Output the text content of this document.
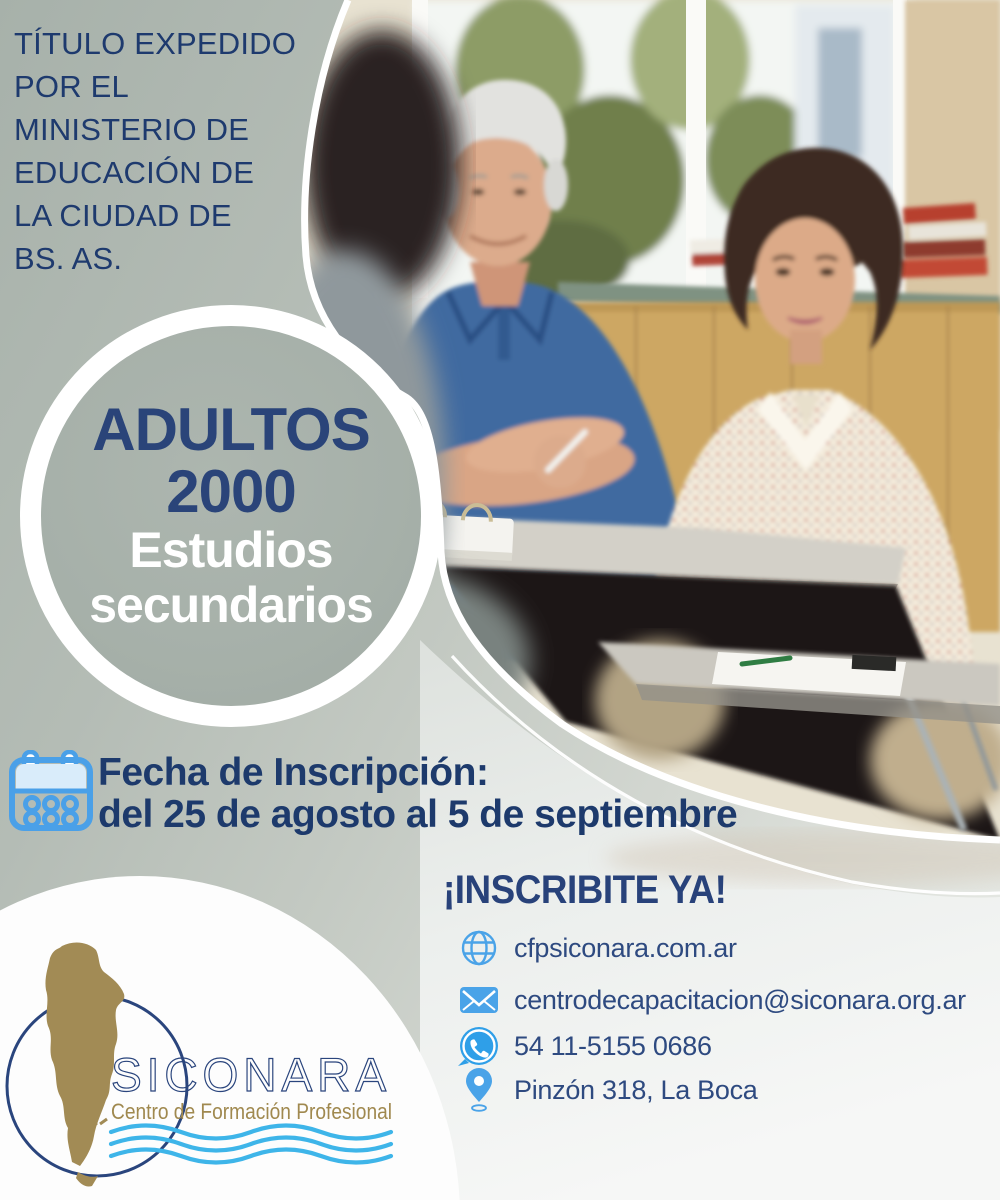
SICONARA
Centro de Formación Profesional
TÍTULO EXPEDIDO
POR EL
MINISTERIO DE
EDUCACIÓN DE
LA CIUDAD DE
BS. AS.
ADULTOS
2000
Estudios
secundarios
Fecha de Inscripción:
del 25 de agosto al 5 de septiembre
¡INSCRIBITE YA!
cfpsiconara.com.ar
centrodecapacitacion@siconara.org.ar
54 11-5155 0686
Pinzón 318, La Boca
